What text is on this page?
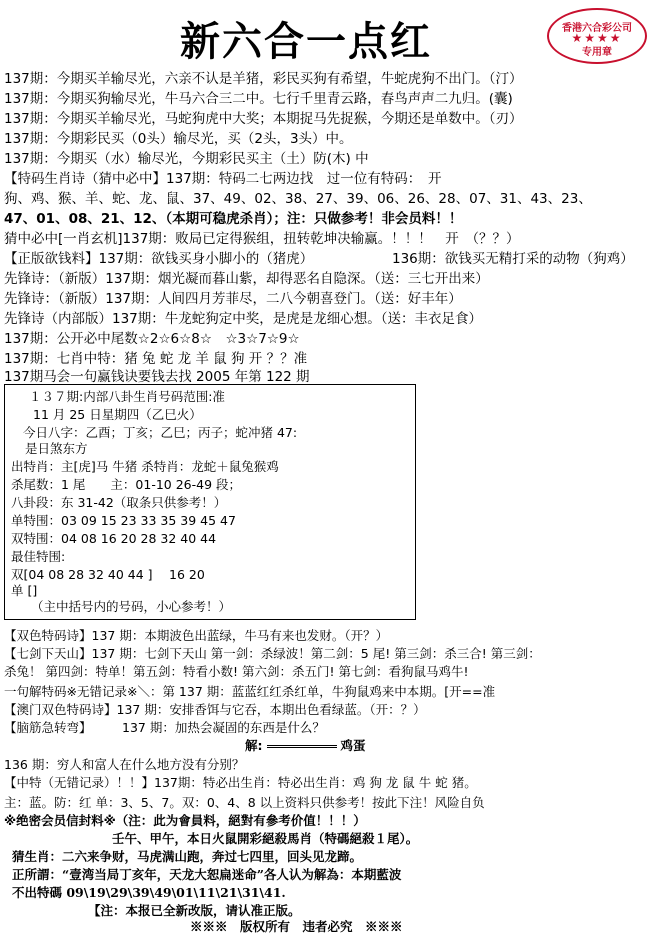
新六合一点红	香港六合彩公司
★★★★
专用章
137期：今期买羊输尽光，六亲不认是羊猪，彩民买狗有希望，牛蛇虎狗不出门。（汀）
137期：今期买狗输尽光，牛马六合三二中。七行千里青云路，春鸟声声二九归。(囊)
137期：今期买羊输尽光，马蛇狗虎中大奖；本期捉马先捉猴，今期还是单数中。（刃）
137期：今期彩民买（0头）输尽光，买（2头，3头）中。
137期：今期买（水）输尽光，今期彩民买主（土）防(木) 中
【特码生肖诗（猜中必中】137期：特码二七两边找　过一位有特码：　开
狗、鸡、猴、羊、蛇、龙、鼠、37、49、02、38、27、39、06、26、28、07、31、43、23、
47、01、08、21、12、（本期可稳虎杀肖）；注：只做参考！非会员料！！
猜中必中[一肖玄机]137期：败局已定得猴组，扭转乾坤决输赢。！！！　开　（？？）
【正版欲钱料】137期：欲钱买身小脚小的（猪虎）	136期：欲钱买无精打采的动物（狗鸡）
先锋诗：（新版）137期：烟光凝而暮山紫，却得恶名自隐深。（送：三七开出来）
先锋诗：（新版）137期：人间四月芳菲尽，二八今朝喜登门。（送：好丰年）
先锋诗（内部版）137期：牛龙蛇狗定中奖，是虎是龙细心想。（送：丰衣足食）
137期：公开必中尾数☆2☆6☆8☆　☆3☆7☆9☆
137期：七肖中特：猪 兔 蛇 龙 羊 鼠 狗 开 ？？准
137期马会一句赢钱诀要钱去找 2005 年第 122 期
１３７期:内部八卦生肖号码范围:准
11 月 25 日星期四（乙巳火）
今日八字：乙酉；丁亥；乙巳；丙子；蛇冲猪 47:
是日煞东方
出特肖：主[虎]马 牛猪 杀特肖：龙蛇＋鼠兔猴鸡
杀尾数：1 尾　　主：01-10 26-49 段；
八卦段：东 31-42（取条只供参考！）
单特围：03 09 15 23 33 35 39 45 47
双特围：04 08 16 20 28 32 40 44
最佳特围:
双[04 08 28 32 40 44 ]　 16 20
单 []
（主中括号内的号码，小心参考！）
【双色特码诗】137 期：本期波色出蓝绿，牛马有来也发财。（开？）
【七剑下天山】137 期：七剑下天山 第一剑：杀绿波！第二剑：5 尾! 第三剑：杀三合! 第三剑：
杀兔！ 第四剑：特单！第五剑：特看小数! 第六剑：杀五门! 第七剑：看狗鼠马鸡牛!
一句解特码※无错记录※＼：第 137 期：蓝蓝红红杀红单，牛狗鼠鸡来中本期。[开==准
【澳门双色特码诗】137 期：安排香饵与它吞，本期出色看绿蓝。（开：？）
【脑筋急转弯】 137 期：加热会凝固的东西是什么？
解:	鸡蛋
136 期：穷人和富人在什么地方没有分别？
【中特（无错记录）！！】137期：特必出生肖：特必出生肖：鸡 狗 龙 鼠 牛 蛇 猪。
主：蓝。防：红 单：3、5、7。双：0、4、8 以上资料只供参考！按此下注！风险自负
※绝密会员信封料※（注：此为會員料，絕對有參考价值！！！）
壬午、甲午，本日火鼠開彩絕殺馬肖（特碼絕殺１尾）。
猜生肖：二六来争财，马虎满山跑，奔过七四里，回头见龙蹄。
正所謂：“壹湾当局丁亥年，天龙大恕扁迷命”各人认为解為：本期藍波
不出特碼 09\19\29\39\49\01\11\21\31\41.
【注：本报已全新改版，请认准正版。
※※※　版权所有　违者必究　※※※
